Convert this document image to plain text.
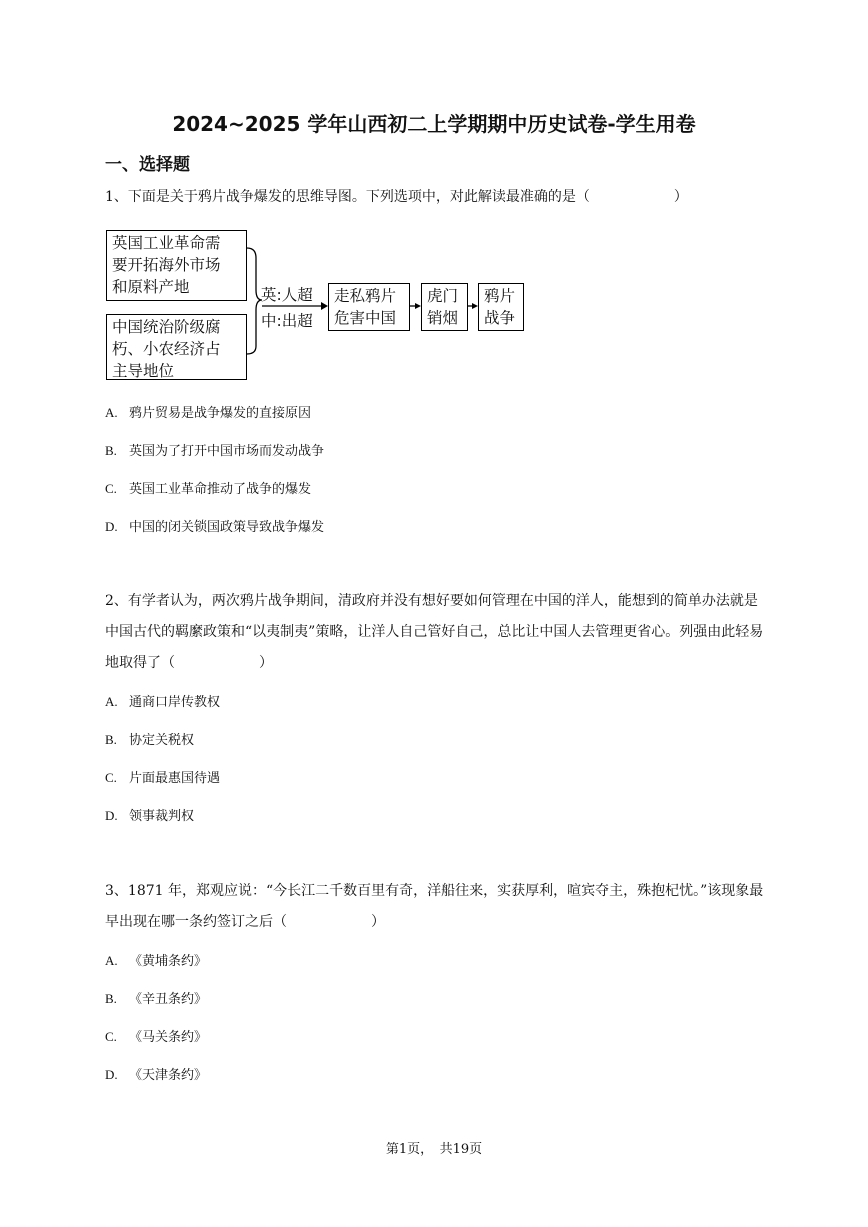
2024~2025 学年山西初二上学期期中历史试卷-学生用卷
一、选择题
1、下面是关于鸦片战争爆发的思维导图。下列选项中，对此解读最准确的是（　　　　　　）
英国工业革命需
要开拓海外市场
和原料产地
中国统治阶级腐
朽、小农经济占
主导地位
英:人超
中:出超
走私鸦片
危害中国
虎门
销烟
鸦片
战争
A. 鸦片贸易是战争爆发的直接原因
B. 英国为了打开中国市场而发动战争
C. 英国工业革命推动了战争的爆发
D. 中国的闭关锁国政策导致战争爆发
2、有学者认为，两次鸦片战争期间，清政府并没有想好要如何管理在中国的洋人，能想到的简单办法就是中国古代的羁縻政策和“以夷制夷”策略，让洋人自己管好自己，总比让中国人去管理更省心。列强由此轻易地取得了（　　　　　　）
A. 通商口岸传教权
B. 协定关税权
C. 片面最惠国待遇
D. 领事裁判权
3、1871 年，郑观应说：“今长江二千数百里有奇，洋船往来，实获厚利，喧宾夺主，殊抱杞忧。”该现象最早出现在哪一条约签订之后（　　　　　　）
A. 《黄埔条约》
B. 《辛丑条约》
C. 《马关条约》
D. 《天津条约》
第1页，　共19页
